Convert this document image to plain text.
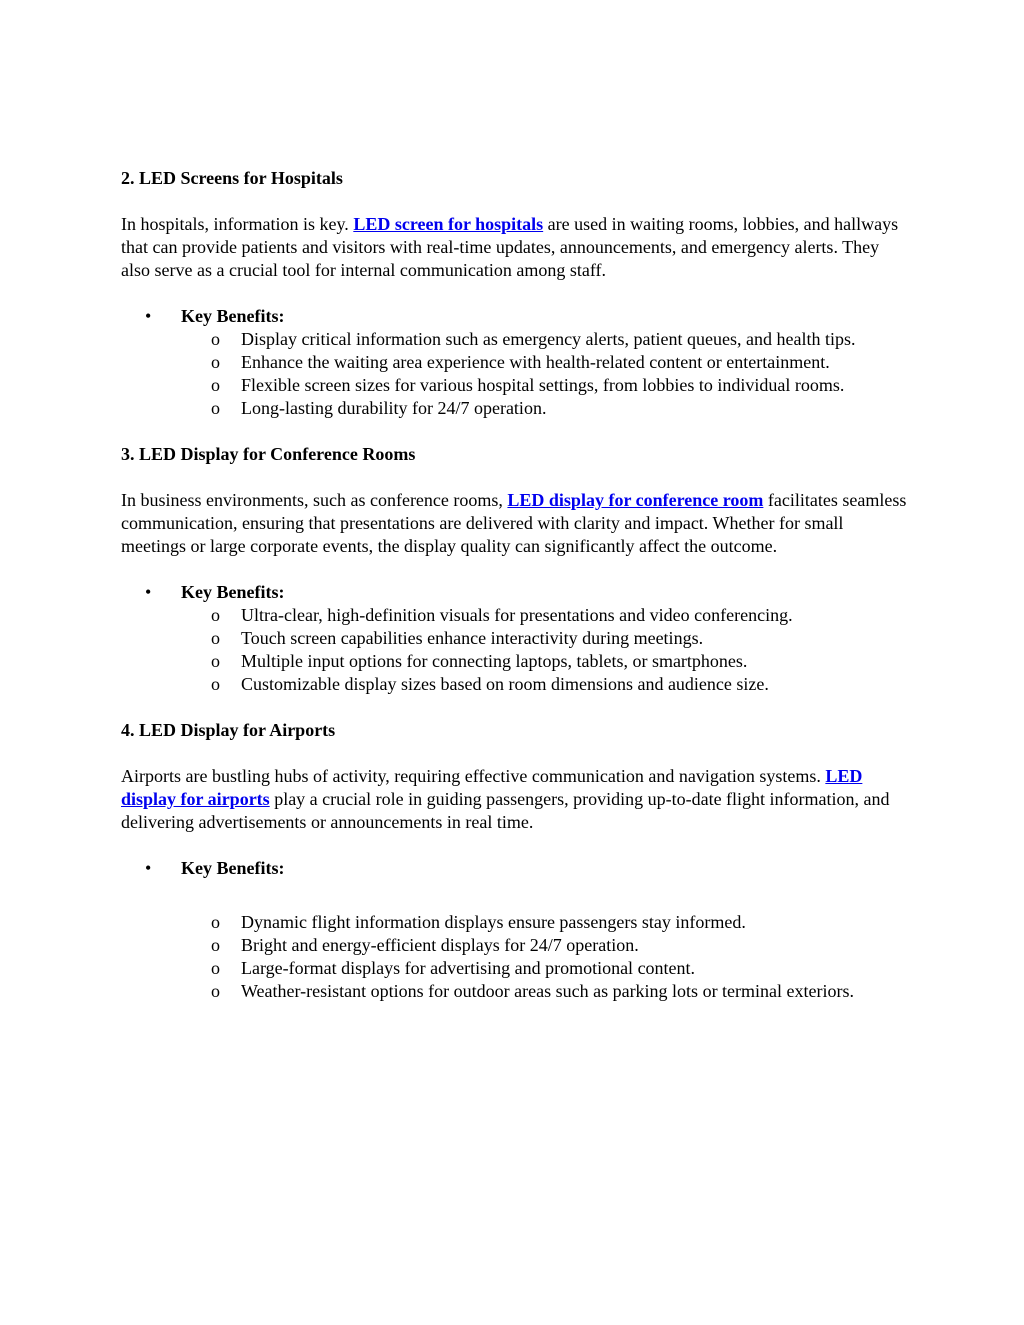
2. LED Screens for Hospitals
In hospitals, information is key. LED screen for hospitals are used in waiting rooms, lobbies, and hallways that can provide patients and visitors with real-time updates, announcements, and emergency alerts. They also serve as a crucial tool for internal communication among staff.
• Key Benefits:
o Display critical information such as emergency alerts, patient queues, and health tips.
o Enhance the waiting area experience with health-related content or entertainment.
o Flexible screen sizes for various hospital settings, from lobbies to individual rooms.
o Long-lasting durability for 24/7 operation.
3. LED Display for Conference Rooms
In business environments, such as conference rooms, LED display for conference room facilitates seamless communication, ensuring that presentations are delivered with clarity and impact. Whether for small meetings or large corporate events, the display quality can significantly affect the outcome.
• Key Benefits:
o Ultra-clear, high-definition visuals for presentations and video conferencing.
o Touch screen capabilities enhance interactivity during meetings.
o Multiple input options for connecting laptops, tablets, or smartphones.
o Customizable display sizes based on room dimensions and audience size.
4. LED Display for Airports
Airports are bustling hubs of activity, requiring effective communication and navigation systems. LED display for airports play a crucial role in guiding passengers, providing up-to-date flight information, and delivering advertisements or announcements in real time.
• Key Benefits:
o Dynamic flight information displays ensure passengers stay informed.
o Bright and energy-efficient displays for 24/7 operation.
o Large-format displays for advertising and promotional content.
o Weather-resistant options for outdoor areas such as parking lots or terminal exteriors.
